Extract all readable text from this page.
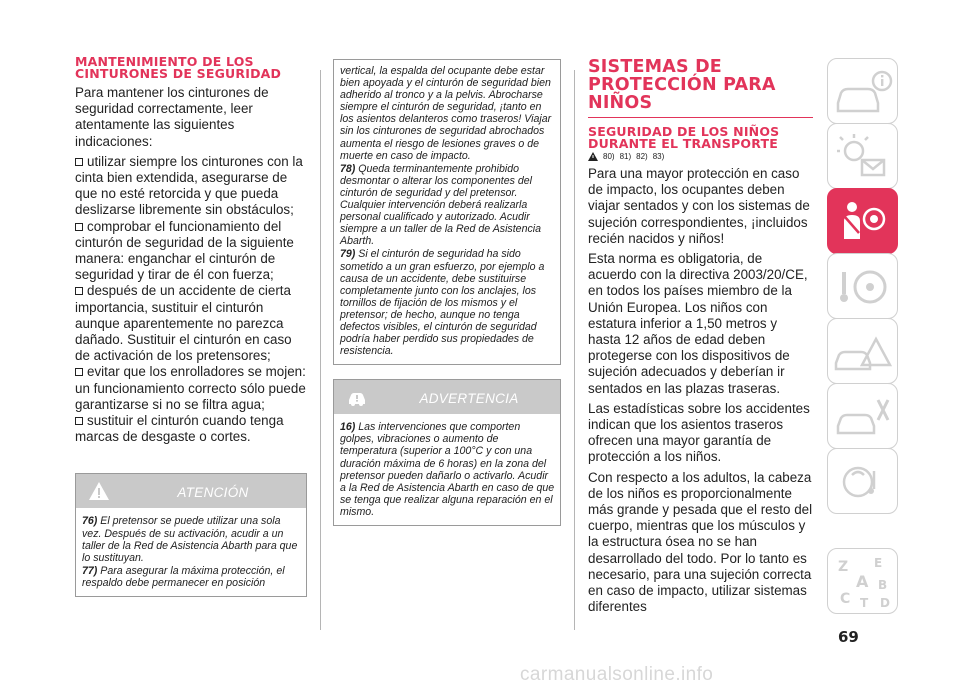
MANTENIMIENTO DE LOS CINTURONES DE SEGURIDAD
Para mantener los cinturones de seguridad correctamente, leer atentamente las siguientes indicaciones:
utilizar siempre los cinturones con la cinta bien extendida, asegurarse de que no esté retorcida y que pueda deslizarse libremente sin obstáculos;
comprobar el funcionamiento del cinturón de seguridad de la siguiente manera: enganchar el cinturón de seguridad y tirar de él con fuerza;
después de un accidente de cierta importancia, sustituir el cinturón aunque aparentemente no parezca dañado. Sustituir el cinturón en caso de activación de los pretensores;
evitar que los enrolladores se mojen: un funcionamiento correcto sólo puede garantizarse si no se filtra agua;
sustituir el cinturón cuando tenga marcas de desgaste o cortes.
ATENCIÓN
76) El pretensor se puede utilizar una sola vez. Después de su activación, acudir a un taller de la Red de Asistencia Abarth para que lo sustituyan.
77) Para asegurar la máxima protección, el respaldo debe permanecer en posición
vertical, la espalda del ocupante debe estar bien apoyada y el cinturón de seguridad bien adherido al tronco y a la pelvis. Abrocharse siempre el cinturón de seguridad, ¡tanto en los asientos delanteros como traseros! Viajar sin los cinturones de seguridad abrochados aumenta el riesgo de lesiones graves o de muerte en caso de impacto.
78) Queda terminantemente prohibido desmontar o alterar los componentes del cinturón de seguridad y del pretensor. Cualquier intervención deberá realizarla personal cualificado y autorizado. Acudir siempre a un taller de la Red de Asistencia Abarth.
79) Si el cinturón de seguridad ha sido sometido a un gran esfuerzo, por ejemplo a causa de un accidente, debe sustituirse completamente junto con los anclajes, los tornillos de fijación de los mismos y el pretensor; de hecho, aunque no tenga defectos visibles, el cinturón de seguridad podría haber perdido sus propiedades de resistencia.
ADVERTENCIA
16) Las intervenciones que comporten golpes, vibraciones o aumento de temperatura (superior a 100°C y con una duración máxima de 6 horas) en la zona del pretensor pueden dañarlo o activarlo. Acudir a la Red de Asistencia Abarth en caso de que se tenga que realizar alguna reparación en el mismo.
SISTEMAS DE PROTECCIÓN PARA NIÑOS
SEGURIDAD DE LOS NIÑOS DURANTE EL TRANSPORTE
80) 81) 82) 83)
Para una mayor protección en caso de impacto, los ocupantes deben viajar sentados y con los sistemas de sujeción correspondientes, ¡incluidos recién nacidos y niños!
Esta norma es obligatoria, de acuerdo con la directiva 2003/20/CE, en todos los países miembro de la Unión Europea. Los niños con estatura inferior a 1,50 metros y hasta 12 años de edad deben protegerse con los dispositivos de sujeción adecuados y deberían ir sentados en las plazas traseras.
Las estadísticas sobre los accidentes indican que los asientos traseros ofrecen una mayor garantía de protección a los niños.
Con respecto a los adultos, la cabeza de los niños es proporcionalmente más grande y pesada que el resto del cuerpo, mientras que los músculos y la estructura ósea no se han desarrollado del todo. Por lo tanto es necesario, para una sujeción correcta en caso de impacto, utilizar sistemas diferentes
Z E
A B
C T D
69
carmanualsonline.info
